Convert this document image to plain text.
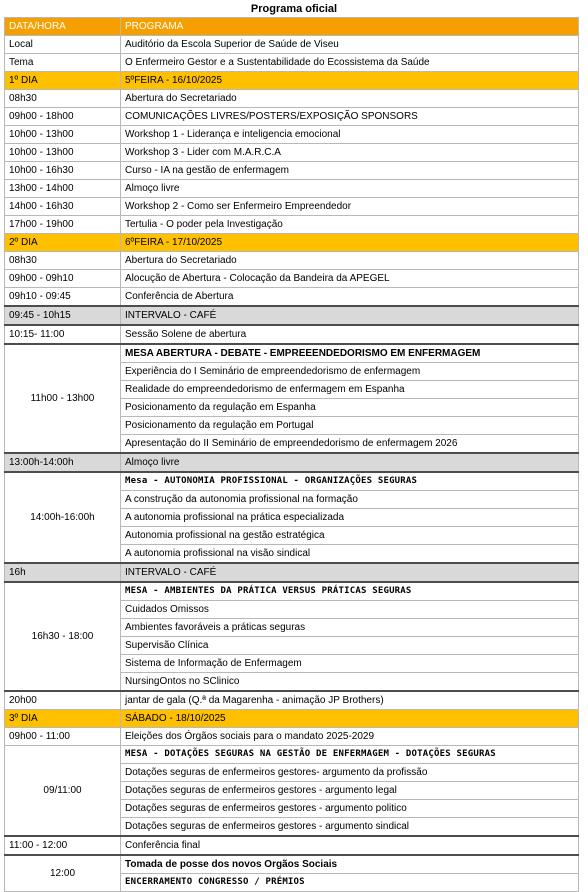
Programa oficial
DATA/HORA	PROGRAMA
Local	Auditório da Escola Superior de Saúde de Viseu
Tema	O Enfermeiro Gestor e a Sustentabilidade do Ecossistema da Saúde
1º DIA	5ºFEIRA - 16/10/2025
08h30	Abertura do Secretariado
09h00 - 18h00	COMUNICAÇÕES LIVRES/POSTERS/EXPOSIÇÃO SPONSORS
10h00 - 13h00	Workshop 1 - Liderança e inteligencia emocional
10h00 - 13h00	Workshop 3 - Lider com M.A.R.C.A
10h00 - 16h30	Curso - IA na gestão de enfermagem
13h00 - 14h00	Almoço livre
14h00 - 16h30	Workshop 2 - Como ser Enfermeiro Empreendedor
17h00 - 19h00	Tertulia - O poder pela Investigação
2º DIA	6ºFEIRA - 17/10/2025
08h30	Abertura do Secretariado
09h00 - 09h10	Alocução de Abertura - Colocação da Bandeira da APEGEL
09h10 - 09:45	Conferência de Abertura
09:45 - 10h15	INTERVALO - CAFÉ
10:15- 11:00	Sessão Solene de abertura
11h00 - 13h00	MESA ABERTURA - DEBATE - EMPREEENDEDORISMO EM ENFERMAGEM
	Experiência do I Seminário de empreendedorismo de enfermagem
	Realidade do empreendedorismo de enfermagem em Espanha
	Posicionamento da regulação em Espanha
	Posicionamento da regulação em Portugal
	Apresentação do II Seminário de empreendedorismo de enfermagem 2026
13:00h-14:00h	Almoço livre
14:00h-16:00h	Mesa - AUTONOMIA PROFISSIONAL - ORGANIZAÇÕES SEGURAS
	A construção da autonomia profissional na formação
	A autonomia profissional na prática especializada
	Autonomia profissional na gestão estratégica
	A autonomia profissional na visão sindical
16h	INTERVALO - CAFÉ
16h30 - 18:00	MESA - AMBIENTES DA PRÁTICA VERSUS PRÁTICAS SEGURAS
	Cuidados Omissos
	Ambientes favoráveis a práticas seguras
	Supervisão Clínica
	Sistema de Informação de Enfermagem
	NursingOntos no SClinico
20h00	jantar de gala (Q.ª da Magarenha - animação JP Brothers)
3º DIA	SÁBADO - 18/10/2025
09h00 - 11:00	Eleições dos Órgãos sociais para o mandato 2025-2029
09/11:00	MESA - DOTAÇÕES SEGURAS NA GESTÃO DE ENFERMAGEM - DOTAÇÕES SEGURAS
	Dotações seguras de enfermeiros gestores- argumento da profissão
	Dotações seguras de enfermeiros gestores - argumento legal
	Dotações seguras de enfermeiros gestores - argumento politico
	Dotações seguras de enfermeiros gestores - argumento sindical
11:00 - 12:00	Conferência final
12:00	Tomada de posse dos novos Orgãos Sociais
	ENCERRAMENTO CONGRESSO / PRÉMIOS
